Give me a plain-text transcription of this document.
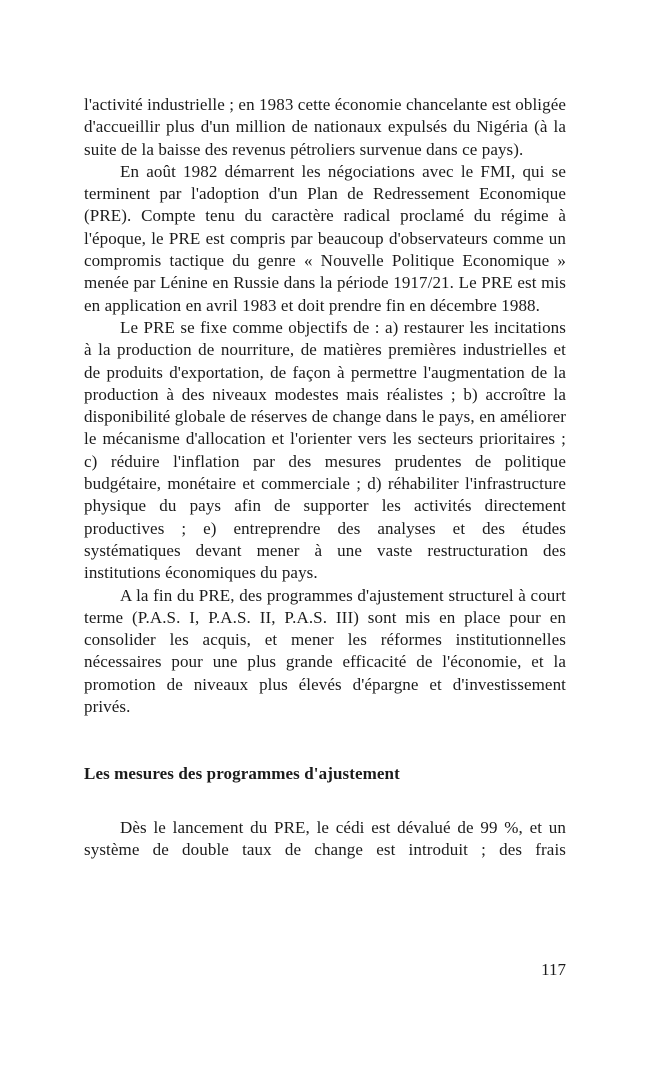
l'activité industrielle ; en 1983 cette économie chancelante est obligée d'accueillir plus d'un million de nationaux expulsés du Nigéria (à la suite de la baisse des revenus pétroliers survenue dans ce pays).

En août 1982 démarrent les négociations avec le FMI, qui se terminent par l'adoption d'un Plan de Redressement Economique (PRE). Compte tenu du caractère radical proclamé du régime à l'époque, le PRE est compris par beaucoup d'observateurs comme un compromis tactique du genre « Nouvelle Politique Economique » menée par Lénine en Russie dans la période 1917/21. Le PRE est mis en application en avril 1983 et doit prendre fin en décembre 1988.

Le PRE se fixe comme objectifs de : a) restaurer les incitations à la production de nourriture, de matières premières industrielles et de produits d'exportation, de façon à permettre l'augmentation de la production à des niveaux modestes mais réalistes ; b) accroître la disponibilité globale de réserves de change dans le pays, en améliorer le mécanisme d'allocation et l'orienter vers les secteurs prioritaires ; c) réduire l'inflation par des mesures prudentes de politique budgétaire, monétaire et commerciale ; d) réhabiliter l'infrastructure physique du pays afin de supporter les activités directement productives ; e) entreprendre des analyses et des études systématiques devant mener à une vaste restructuration des institutions économiques du pays.

A la fin du PRE, des programmes d'ajustement structurel à court terme (P.A.S. I, P.A.S. II, P.A.S. III) sont mis en place pour en consolider les acquis, et mener les réformes institutionnelles nécessaires pour une plus grande efficacité de l'économie, et la promotion de niveaux plus élevés d'épargne et d'investissement privés.

Les mesures des programmes d'ajustement

Dès le lancement du PRE, le cédi est dévalué de 99 %, et un système de double taux de change est introduit ; des frais

117
